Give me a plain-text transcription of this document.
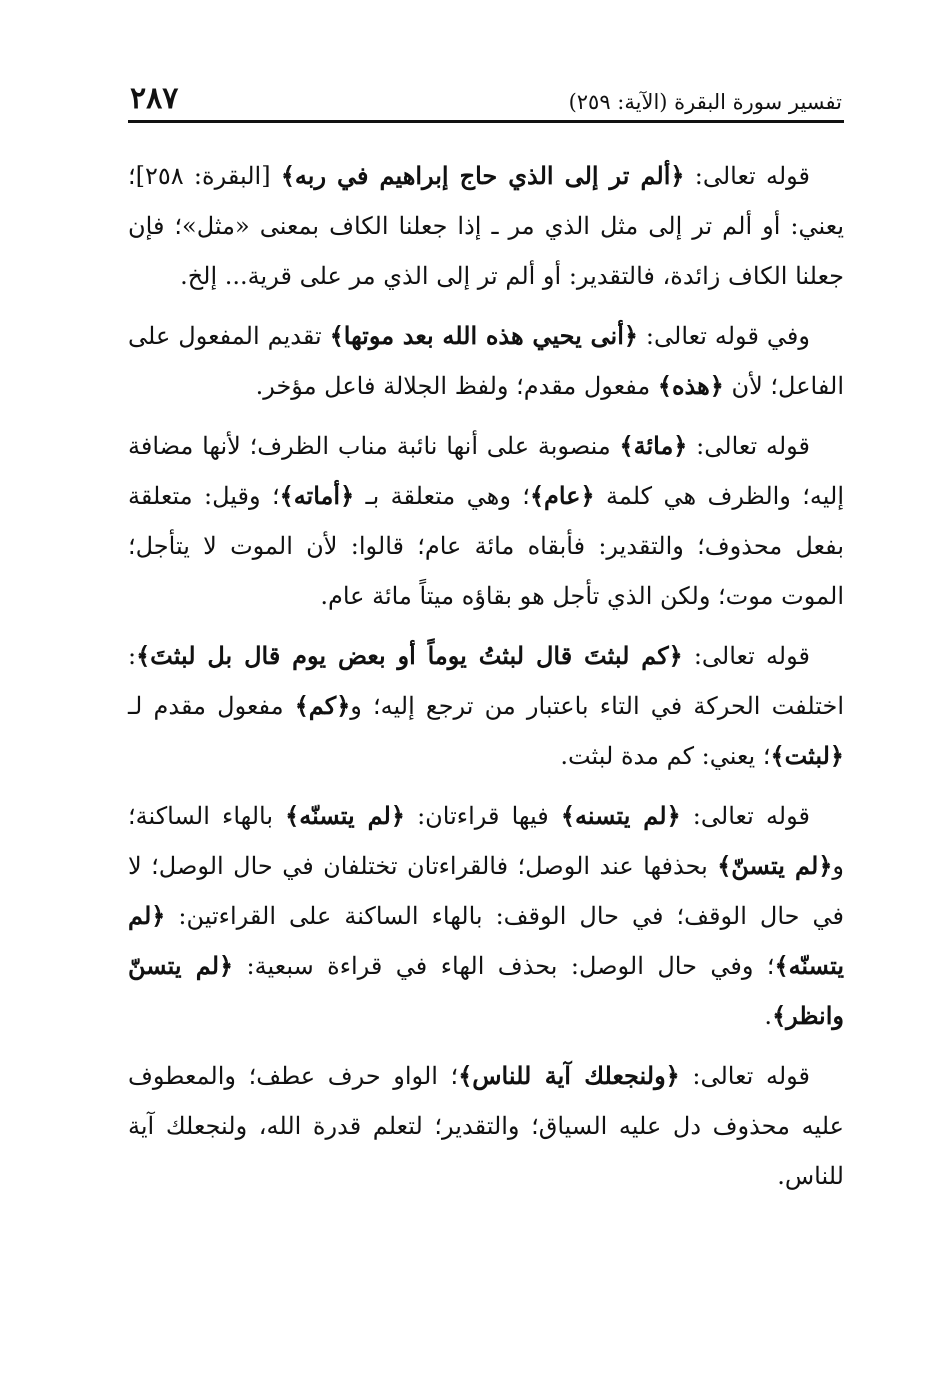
تفسير سورة البقرة (الآية: ٢٥٩)
٢٨٧

قوله تعالى: ﴿ألم تر إلى الذي حاج إبراهيم في ربه﴾ [البقرة: ٢٥٨]؛ يعني: أو ألم تر إلى مثل الذي مر ـ إذا جعلنا الكاف بمعنى «مثل»؛ فإن جعلنا الكاف زائدة، فالتقدير: أو ألم تر إلى الذي مر على قرية... إلخ.

وفي قوله تعالى: ﴿أنى يحيي هذه الله بعد موتها﴾ تقديم المفعول على الفاعل؛ لأن ﴿هذه﴾ مفعول مقدم؛ ولفظ الجلالة فاعل مؤخر.

قوله تعالى: ﴿مائة﴾ منصوبة على أنها نائبة مناب الظرف؛ لأنها مضافة إليه؛ والظرف هي كلمة ﴿عام﴾؛ وهي متعلقة بـ ﴿أماته﴾؛ وقيل: متعلقة بفعل محذوف؛ والتقدير: فأبقاه مائة عام؛ قالوا: لأن الموت لا يتأجل؛ الموت موت؛ ولكن الذي تأجل هو بقاؤه ميتاً مائة عام.

قوله تعالى: ﴿كم لبثتَ قال لبثتُ يوماً أو بعض يوم قال بل لبثتَ﴾: اختلفت الحركة في التاء باعتبار من ترجع إليه؛ و﴿كم﴾ مفعول مقدم لـ ﴿لبثت﴾؛ يعني: كم مدة لبثت.

قوله تعالى: ﴿لم يتسنه﴾ فيها قراءتان: ﴿لم يتسنّه﴾ بالهاء الساكنة؛ و﴿لم يتسنّ﴾ بحذفها عند الوصل؛ فالقراءتان تختلفان في حال الوصل؛ لا في حال الوقف؛ في حال الوقف: بالهاء الساكنة على القراءتين: ﴿لم يتسنّه﴾؛ وفي حال الوصل: بحذف الهاء في قراءة سبعية: ﴿لم يتسنّ وانظر﴾.

قوله تعالى: ﴿ولنجعلك آية للناس﴾؛ الواو حرف عطف؛ والمعطوف عليه محذوف دل عليه السياق؛ والتقدير؛ لتعلم قدرة الله، ولنجعلك آية للناس.
